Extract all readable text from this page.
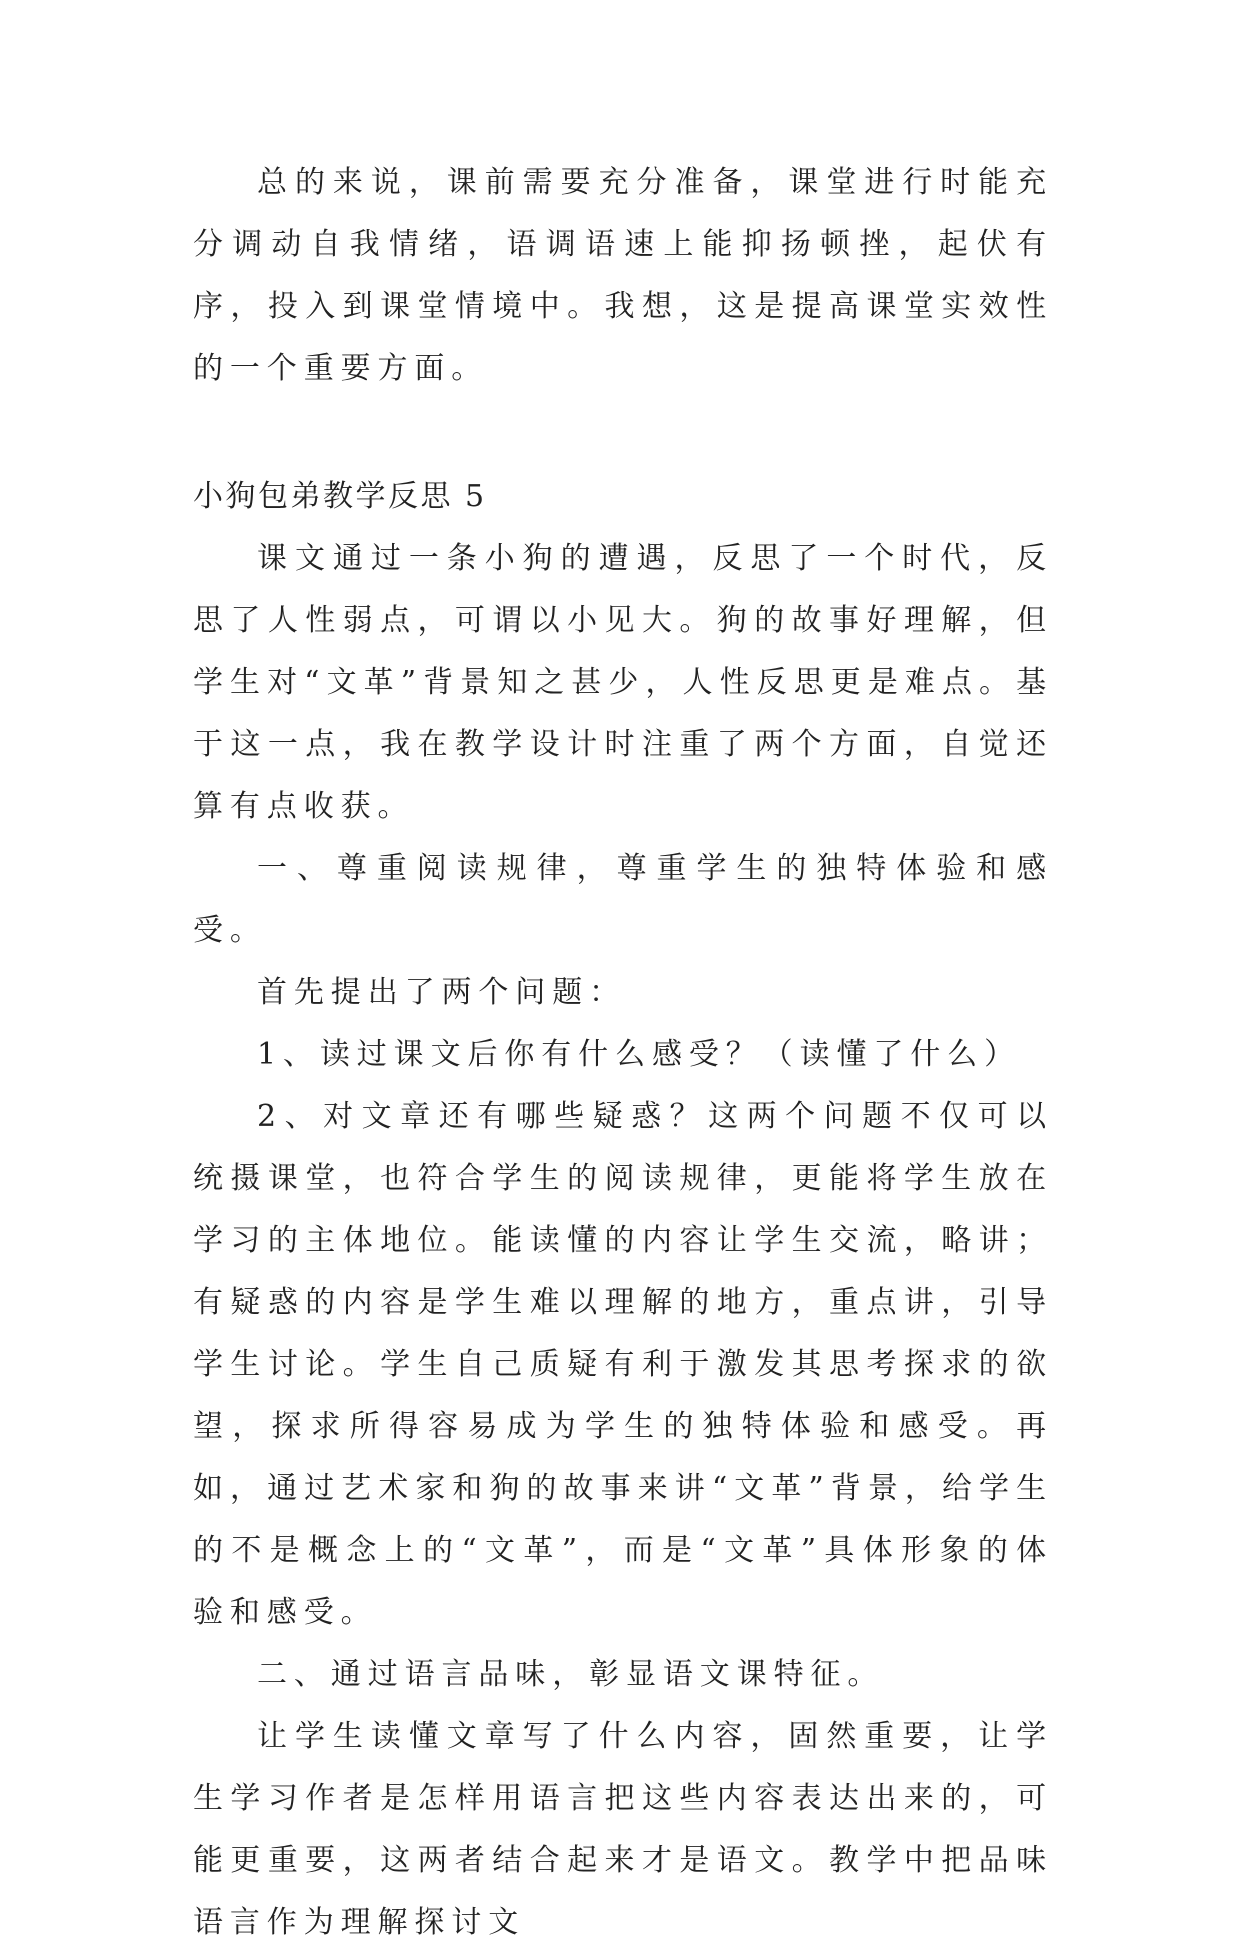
总的来说，课前需要充分准备，课堂进行时能充分调动自我情绪，语调语速上能抑扬顿挫，起伏有序，投入到课堂情境中。我想，这是提高课堂实效性的一个重要方面。

小狗包弟教学反思 5

课文通过一条小狗的遭遇，反思了一个时代，反思了人性弱点，可谓以小见大。狗的故事好理解，但学生对“文革”背景知之甚少，人性反思更是难点。基于这一点，我在教学设计时注重了两个方面，自觉还算有点收获。

一、尊重阅读规律，尊重学生的独特体验和感受。

首先提出了两个问题：

1、读过课文后你有什么感受？（读懂了什么）

2、对文章还有哪些疑惑？这两个问题不仅可以统摄课堂，也符合学生的阅读规律，更能将学生放在学习的主体地位。能读懂的内容让学生交流，略讲；有疑惑的内容是学生难以理解的地方，重点讲，引导学生讨论。学生自己质疑有利于激发其思考探求的欲望，探求所得容易成为学生的独特体验和感受。再如，通过艺术家和狗的故事来讲“文革”背景，给学生的不是概念上的“文革”，而是“文革”具体形象的体验和感受。

二、通过语言品味，彰显语文课特征。

让学生读懂文章写了什么内容，固然重要，让学生学习作者是怎样用语言把这些内容表达出来的，可能更重要，这两者结合起来才是语文。教学中把品味语言作为理解探讨文
